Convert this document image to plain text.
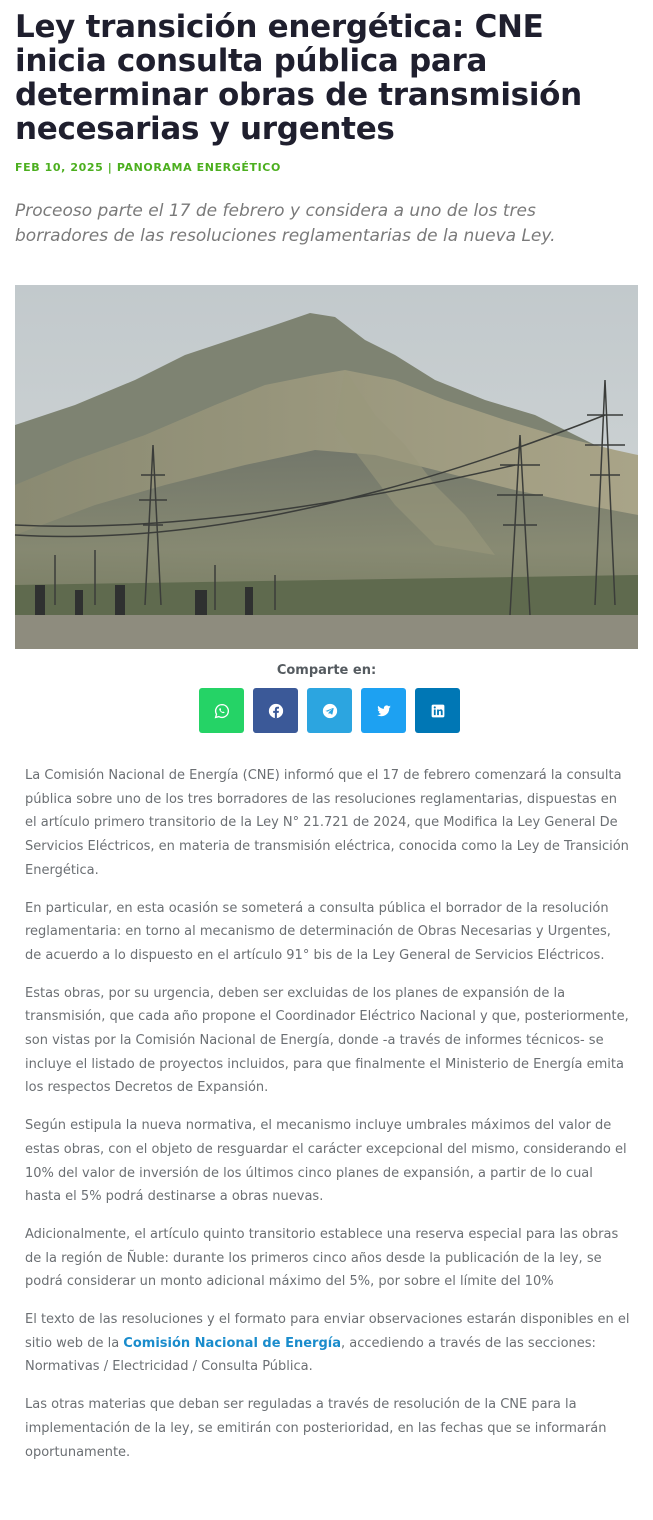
Ley transición energética: CNE inicia consulta pública para determinar obras de transmisión necesarias y urgentes
FEB 10, 2025 | PANORAMA ENERGÉTICO

Proceoso parte el 17 de febrero y considera a uno de los tres borradores de las resoluciones reglamentarias de la nueva Ley.

Comparte en:

La Comisión Nacional de Energía (CNE) informó que el 17 de febrero comenzará la consulta pública sobre uno de los tres borradores de las resoluciones reglamentarias, dispuestas en el artículo primero transitorio de la Ley N° 21.721 de 2024, que Modifica la Ley General De Servicios Eléctricos, en materia de transmisión eléctrica, conocida como la Ley de Transición Energética.

En particular, en esta ocasión se someterá a consulta pública el borrador de la resolución reglamentaria: en torno al mecanismo de determinación de Obras Necesarias y Urgentes, de acuerdo a lo dispuesto en el artículo 91° bis de la Ley General de Servicios Eléctricos.

Estas obras, por su urgencia, deben ser excluidas de los planes de expansión de la transmisión, que cada año propone el Coordinador Eléctrico Nacional y que, posteriormente, son vistas por la Comisión Nacional de Energía, donde -a través de informes técnicos- se incluye el listado de proyectos incluidos, para que finalmente el Ministerio de Energía emita los respectos Decretos de Expansión.

Según estipula la nueva normativa, el mecanismo incluye umbrales máximos del valor de estas obras, con el objeto de resguardar el carácter excepcional del mismo, considerando el 10% del valor de inversión de los últimos cinco planes de expansión, a partir de lo cual hasta el 5% podrá destinarse a obras nuevas.

Adicionalmente, el artículo quinto transitorio establece una reserva especial para las obras de la región de Ñuble: durante los primeros cinco años desde la publicación de la ley, se podrá considerar un monto adicional máximo del 5%, por sobre el límite del 10%

El texto de las resoluciones y el formato para enviar observaciones estarán disponibles en el sitio web de la Comisión Nacional de Energía, accediendo a través de las secciones: Normativas / Electricidad / Consulta Pública.

Las otras materias que deban ser reguladas a través de resolución de la CNE para la implementación de la ley, se emitirán con posterioridad, en las fechas que se informarán oportunamente.
